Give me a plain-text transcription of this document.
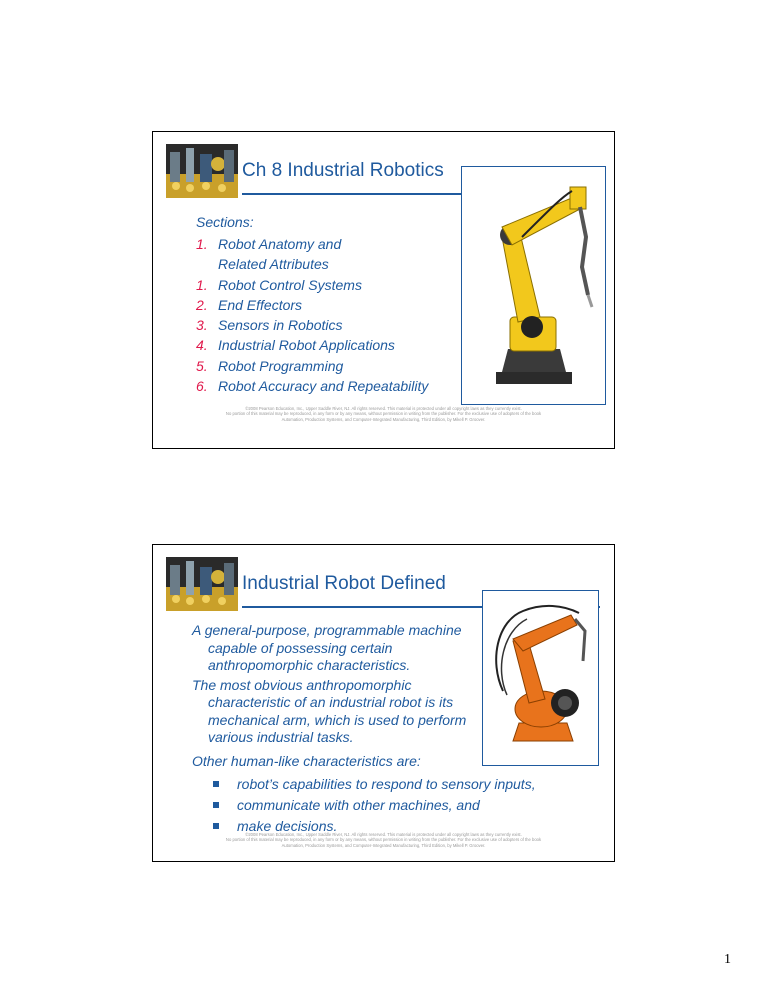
Ch 8 Industrial Robotics
Sections:
1. Robot Anatomy and
Related Attributes
1. Robot Control Systems
2. End Effectors
3. Sensors in Robotics
4. Industrial Robot Applications
5. Robot Programming
6. Robot Accuracy and Repeatability
©2008 Pearson Education, Inc., Upper Saddle River, NJ. All rights reserved. This material is protected under all copyright laws as they currently exist.
No portion of this material may be reproduced, in any form or by any means, without permission in writing from the publisher. For the exclusive use of adopters of the book
Automation, Production Systems, and Computer-Integrated Manufacturing, Third Edition, by Mikell P. Groover.
Industrial Robot Defined

A general-purpose, programmable machine capable of possessing certain anthropomorphic characteristics.

The most obvious anthropomorphic characteristic of an industrial robot is its mechanical arm, which is used to perform various industrial tasks.

Other human-like characteristics are:
robot’s capabilities to respond to sensory inputs,
communicate with other machines, and
make decisions.
©2008 Pearson Education, Inc., Upper Saddle River, NJ. All rights reserved. This material is protected under all copyright laws as they currently exist.
No portion of this material may be reproduced, in any form or by any means, without permission in writing from the publisher. For the exclusive use of adopters of the book
Automation, Production Systems, and Computer-Integrated Manufacturing, Third Edition, by Mikell P. Groover.
1
